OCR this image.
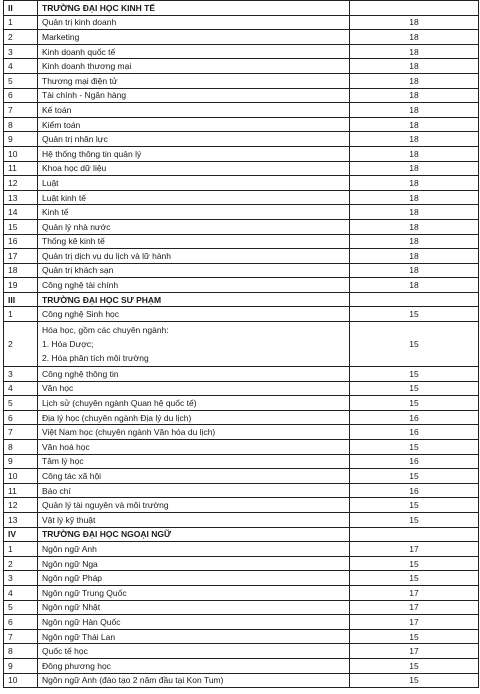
II	TRƯỜNG ĐẠI HỌC KINH TẾ	
1	Quản trị kinh doanh	18
2	Marketing	18
3	Kinh doanh quốc tế	18
4	Kinh doanh thương mại	18
5	Thương mại điện tử	18
6	Tài chính - Ngân hàng	18
7	Kế toán	18
8	Kiểm toán	18
9	Quản trị nhân lực	18
10	Hệ thống thông tin quản lý	18
11	Khoa học dữ liệu	18
12	Luật	18
13	Luật kinh tế	18
14	Kinh tế	18
15	Quản lý nhà nước	18
16	Thống kê kinh tế	18
17	Quản trị dịch vụ du lịch và lữ hành	18
18	Quản trị khách sạn	18
19	Công nghệ tài chính	18
III	TRƯỜNG ĐẠI HỌC SƯ PHẠM	
1	Công nghệ Sinh học	15
2	Hóa học, gồm các chuyên ngành:
1. Hóa Dược;
2. Hóa phân tích môi trường	15
3	Công nghệ thông tin	15
4	Văn học	15
5	Lịch sử (chuyên ngành Quan hệ quốc tế)	15
6	Địa lý học (chuyên ngành Địa lý du lịch)	16
7	Việt Nam học (chuyên ngành Văn hóa du lịch)	16
8	Văn hoá học	15
9	Tâm lý học	16
10	Công tác xã hội	15
11	Báo chí	16
12	Quản lý tài nguyên và môi trường	15
13	Vật lý kỹ thuật	15
IV	TRƯỜNG ĐẠI HỌC NGOẠI NGỮ	
1	Ngôn ngữ Anh	17
2	Ngôn ngữ Nga	15
3	Ngôn ngữ Pháp	15
4	Ngôn ngữ Trung Quốc	17
5	Ngôn ngữ Nhật	17
6	Ngôn ngữ Hàn Quốc	17
7	Ngôn ngữ Thái Lan	15
8	Quốc tế học	17
9	Đông phương học	15
10	Ngôn ngữ Anh (đào tạo 2 năm đầu tại Kon Tum)	15
